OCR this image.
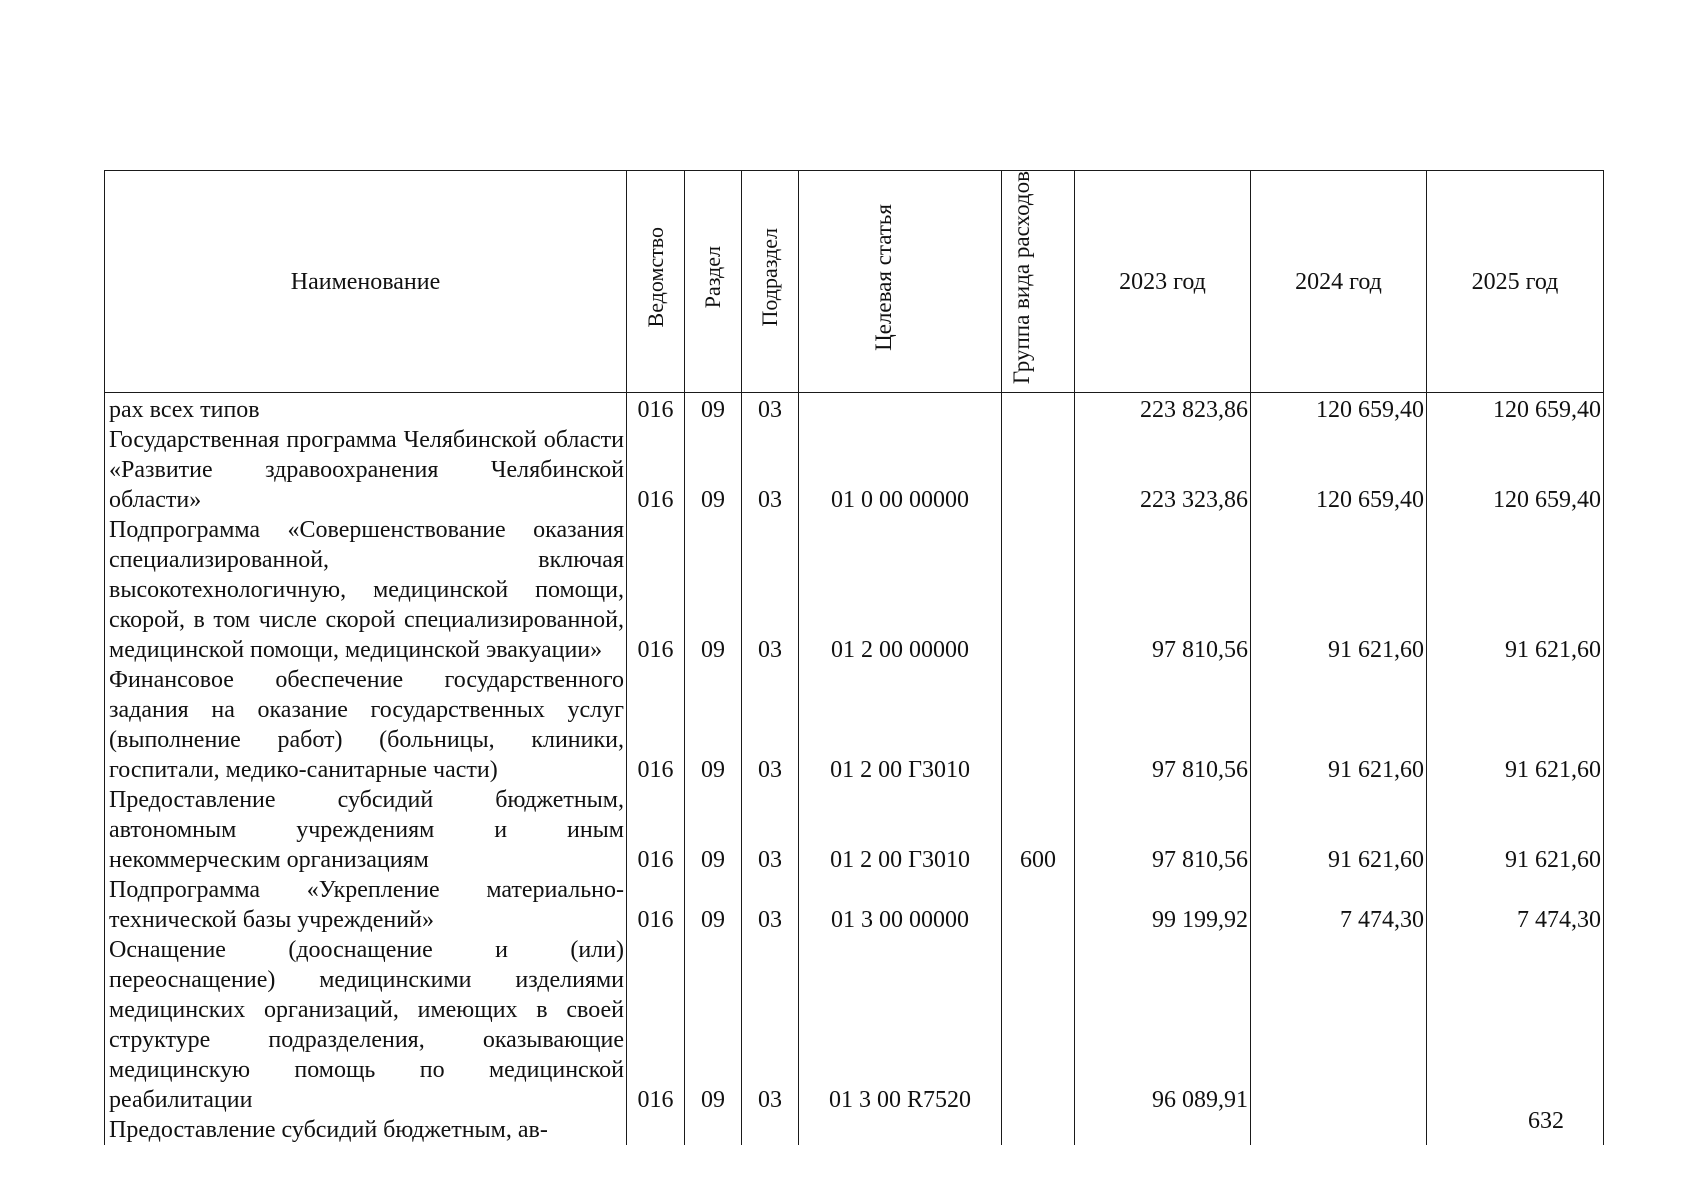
Наименование	Ведомство	Раздел	Подраздел	Целевая статья	Группа вида расходов	2023 год	2024 год	2025 год
рах всех типов	016	09	03			223 823,86	120 659,40	120 659,40
Государственная программа Челябинской области «Развитие здравоохранения Челябинской области»	016	09	03	01 0 00 00000		223 323,86	120 659,40	120 659,40
Подпрограмма «Совершенствование оказания специализированной, включая высокотехнологичную, медицинской помощи, скорой, в том числе скорой специализированной, медицинской помощи, медицинской эвакуации»	016	09	03	01 2 00 00000		97 810,56	91 621,60	91 621,60
Финансовое обеспечение государственного задания на оказание государственных услуг (выполнение работ) (больницы, клиники, госпитали, медико-санитарные части)	016	09	03	01 2 00 Г3010		97 810,56	91 621,60	91 621,60
Предоставление субсидий бюджетным, автономным учреждениям и иным некоммерческим организациям	016	09	03	01 2 00 Г3010	600	97 810,56	91 621,60	91 621,60
Подпрограмма «Укрепление материально-технической базы учреждений»	016	09	03	01 3 00 00000		99 199,92	7 474,30	7 474,30
Оснащение (дооснащение и (или) переоснащение) медицинскими изделиями медицинских организаций, имеющих в своей структуре подразделения, оказывающие медицинскую помощь по медицинской реабилитации	016	09	03	01 3 00 R7520		96 089,91		
Предоставление субсидий бюджетным, ав-									632
